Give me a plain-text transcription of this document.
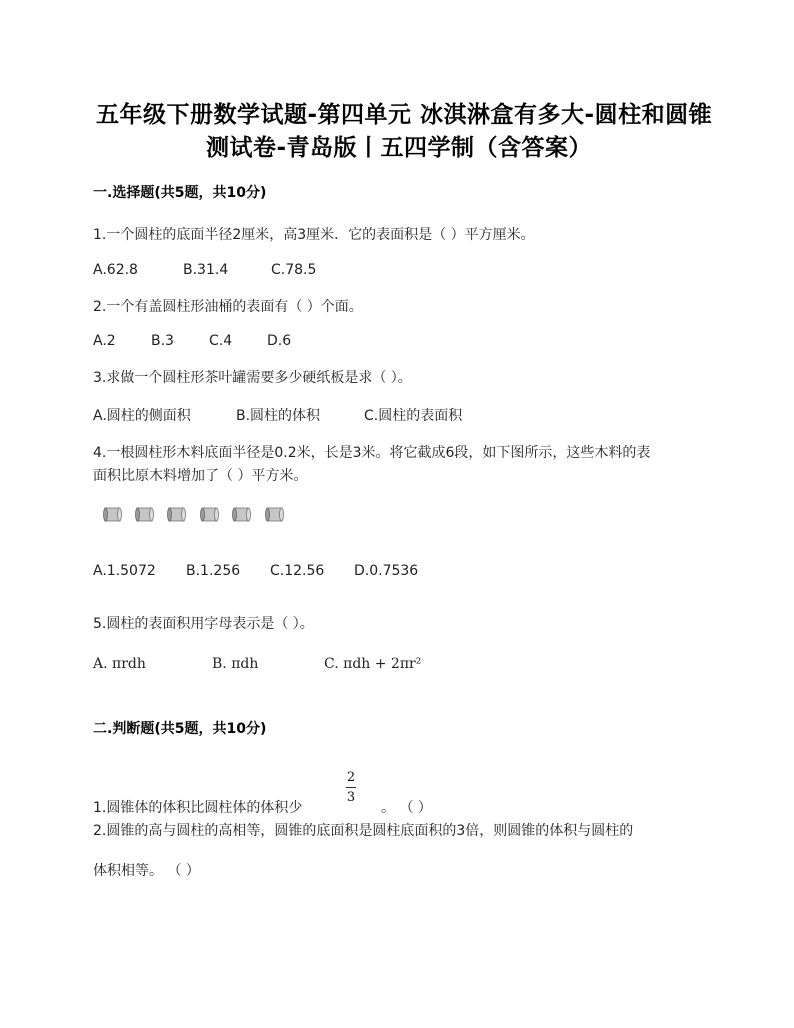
五年级下册数学试题-第四单元 冰淇淋盒有多大-圆柱和圆锥
测试卷-青岛版丨五四学制（含答案）
一.选择题(共5题，共10分)
1.一个圆柱的底面半径2厘米，高3厘米．它的表面积是（ ）平方厘米。
A.62.8	B.31.4	C.78.5
2.一个有盖圆柱形油桶的表面有（ ）个面。
A.2	B.3	C.4 D.6
3.求做一个圆柱形茶叶罐需要多少硬纸板是求（ ）。
A.圆柱的侧面积	B.圆柱的体积	C.圆柱的表面积
4.一根圆柱形木料底面半径是0.2米，长是3米。将它截成6段，如下图所示，这些木料的表
面积比原木料增加了（ ）平方米。
A.1.5072 B.1.256 C.12.56 D.0.7536
5.圆柱的表面积用字母表示是（ ）。
A. πrdh	B. πdh	C. πdh + 2πr²
二.判断题(共5题，共10分)
1.圆锥体的体积比圆柱体的体积少
2
3
。 （ ）
2.圆锥的高与圆柱的高相等，圆锥的底面积是圆柱底面积的3倍，则圆锥的体积与圆柱的
体积相等。 （ ）
